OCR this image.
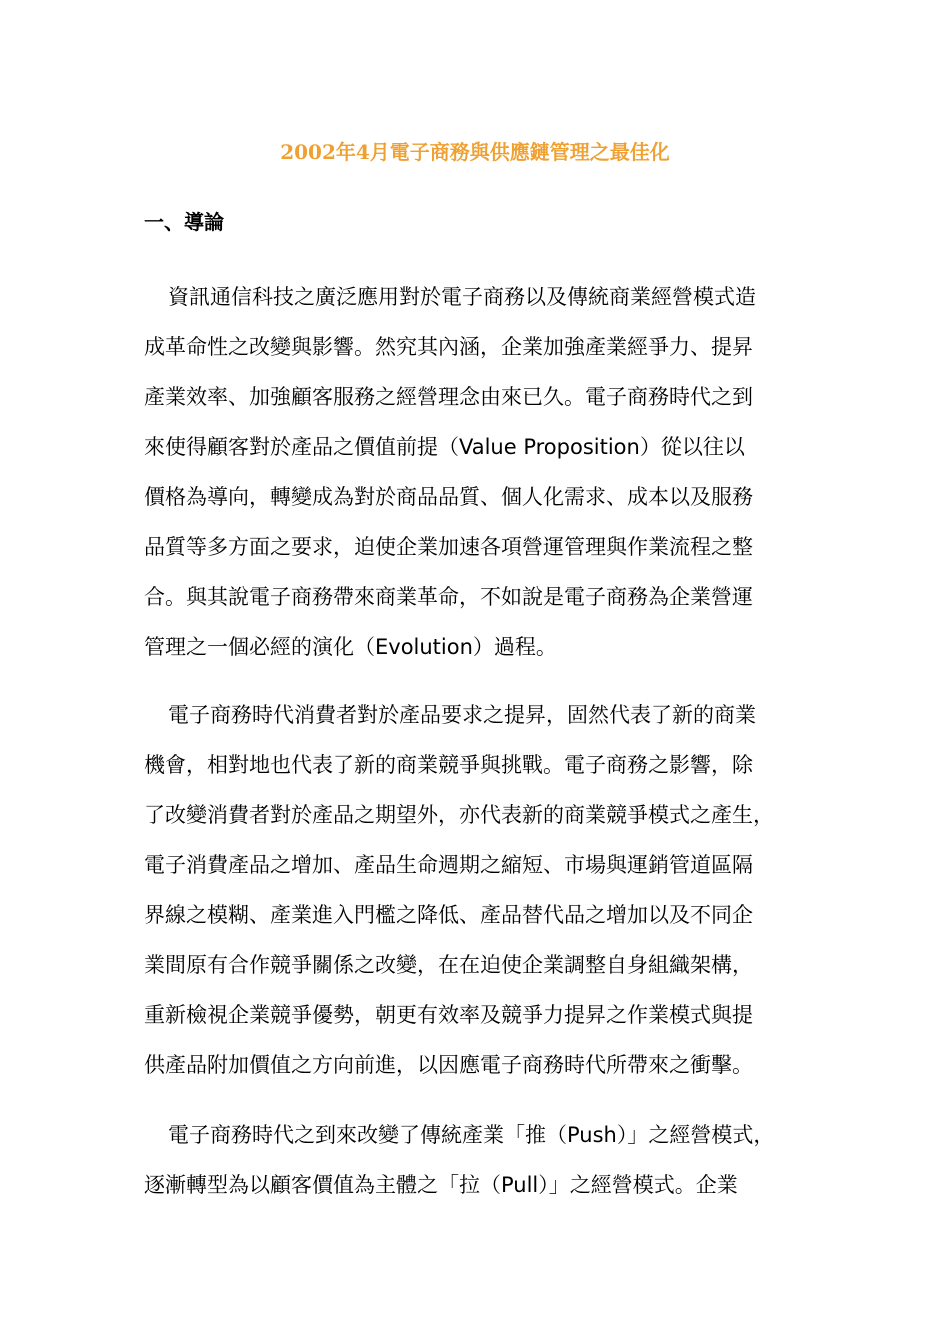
2002年4月電子商務與供應鏈管理之最佳化
一、導論
資訊通信科技之廣泛應用對於電子商務以及傳統商業經營模式造
成革命性之改變與影響。然究其內涵，企業加強產業經爭力、提昇
產業效率、加強顧客服務之經營理念由來已久。電子商務時代之到
來使得顧客對於產品之價值前提（Value Proposition）從以往以
價格為導向，轉變成為對於商品品質、個人化需求、成本以及服務
品質等多方面之要求，迫使企業加速各項營運管理與作業流程之整
合。與其說電子商務帶來商業革命，不如說是電子商務為企業營運
管理之一個必經的演化（Evolution）過程。
電子商務時代消費者對於產品要求之提昇，固然代表了新的商業
機會，相對地也代表了新的商業競爭與挑戰。電子商務之影響，除
了改變消費者對於產品之期望外，亦代表新的商業競爭模式之產生，
電子消費產品之增加、產品生命週期之縮短、市場與運銷管道區隔
界線之模糊、產業進入門檻之降低、產品替代品之增加以及不同企
業間原有合作競爭關係之改變，在在迫使企業調整自身組織架構，
重新檢視企業競爭優勢，朝更有效率及競爭力提昇之作業模式與提
供產品附加價值之方向前進，以因應電子商務時代所帶來之衝擊。
電子商務時代之到來改變了傳統產業「推（Push）」之經營模式，
逐漸轉型為以顧客價值為主體之「拉（Pull）」之經營模式。企業
